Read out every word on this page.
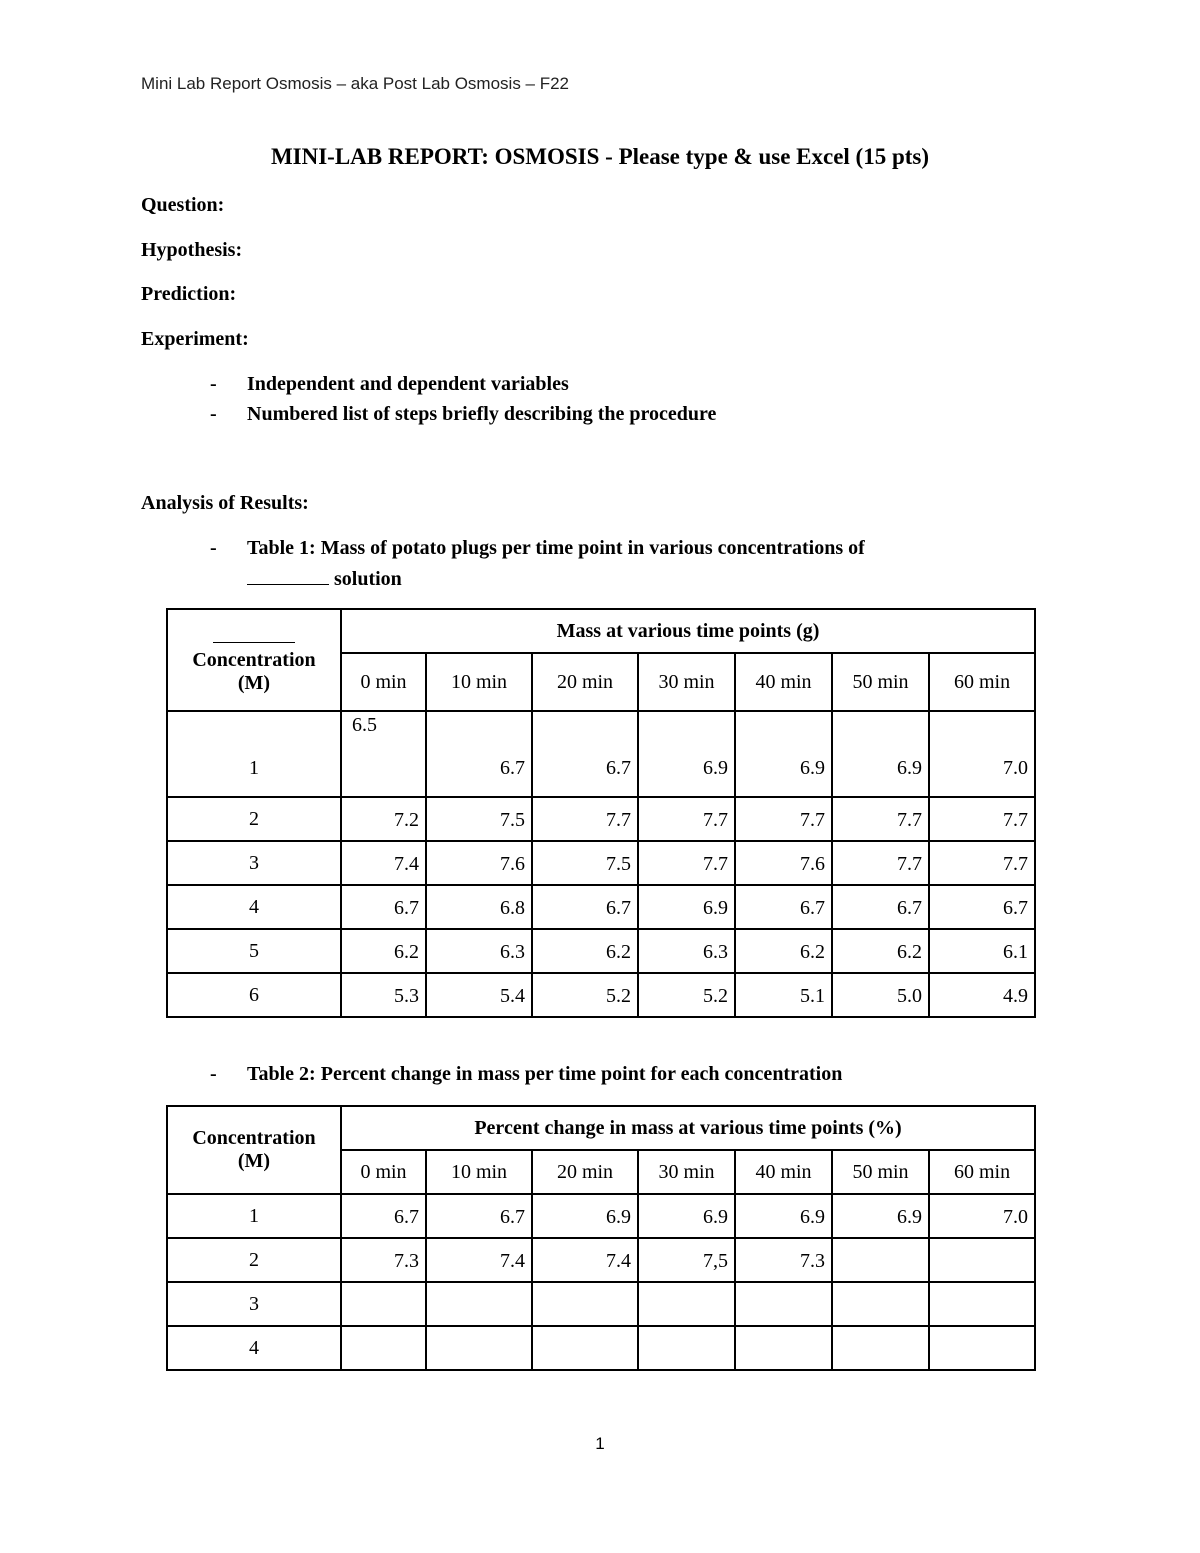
Mini Lab Report Osmosis – aka Post Lab Osmosis – F22
MINI-LAB REPORT: OSMOSIS - Please type & use Excel (15 pts)
Question:
Hypothesis:
Prediction:
Experiment:
- Independent and dependent variables
- Numbered list of steps briefly describing the procedure
Analysis of Results:
- Table 1: Mass of potato plugs per time point in various concentrations of
solution

Concentration
(M)	Mass at various time points (g)						
	0 min	10 min	20 min	30 min	40 min	50 min	60 min
1	6.5	6.7	6.7	6.9	6.9	6.9	7.0
2	7.2	7.5	7.7	7.7	7.7	7.7	7.7
3	7.4	7.6	7.5	7.7	7.6	7.7	7.7
4	6.7	6.8	6.7	6.9	6.7	6.7	6.7
5	6.2	6.3	6.2	6.3	6.2	6.2	6.1
6	5.3	5.4	5.2	5.2	5.1	5.0	4.9
- Table 2: Percent change in mass per time point for each concentration
Concentration
(M)	Percent change in mass at various time points (%)						
	0 min	10 min	20 min	30 min	40 min	50 min	60 min
1	6.7	6.7	6.9	6.9	6.9	6.9	7.0
2	7.3	7.4	7.4	7,5	7.3		
3							
4							
1
